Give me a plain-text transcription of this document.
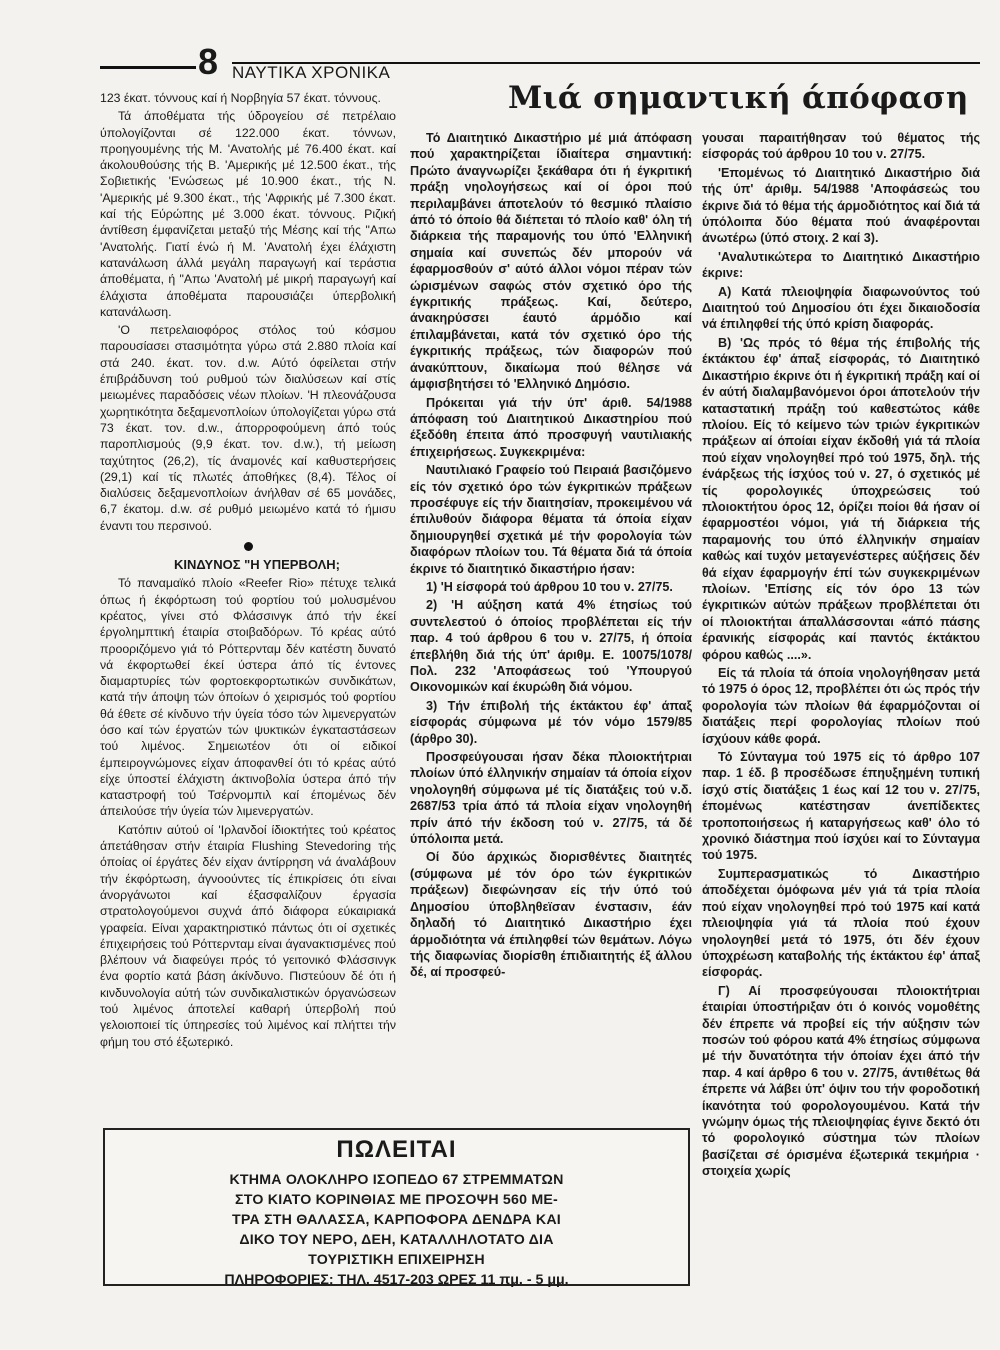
8 ΝΑΥΤΙΚΑ ΧΡΟΝΙΚΑ

123 έκατ. τόννους καί ή Νορβηγία 57 έκατ. τόννους.

Τά άποθέματα τής ύδρογείου σέ πετρέλαιο ύπολογίζονται σέ 122.000 έκατ. τόννων, προηγουμένης τής Μ. 'Ανατολής μέ 76.400 έκατ. καί άκολουθούσης τής Β. 'Αμερικής μέ 12.500 έκατ., τής Σοβιετικής 'Ενώσεως μέ 10.900 έκατ., τής Ν. 'Αμερικής μέ 9.300 έκατ., τής 'Αφρικής μέ 7.300 έκατ. καί τής Εύρώπης μέ 3.000 έκατ. τόννους. Ριζική άντίθεση έμφανίζεται μεταξύ τής Μέσης καί τής "Απω 'Ανατολής. Γιατί ένώ ή Μ. 'Ανατολή έχει έλάχιστη κατανάλωση άλλά μεγάλη παραγωγή καί τεράστια άποθέματα, ή "Απω 'Ανατολή μέ μικρή παραγωγή καί έλάχιστα άποθέματα παρουσιάζει ύπερβολική κατανάλωση.

'Ο πετρελαιοφόρος στόλος τού κόσμου παρουσίασει στασιμότητα γύρω στά 2.880 πλοία καί στά 240. έκατ. τον. d.w. Αύτό όφείλεται στήν έπιβράδυνση τού ρυθμού τών διαλύσεων καί στίς μειωμένες παραδόσεις νέων πλοίων. 'Η πλεονάζουσα χωρητικότητα δεξαμενοπλοίων ύπολογίζεται γύρω στά 73 έκατ. τον. d.w., άπορροφούμενη άπό τούς παροπλισμούς (9,9 έκατ. τον. d.w.), τή μείωση ταχύτητος (26,2), τίς άναμονές καί καθυστερήσεις (29,1) καί τίς πλωτές άποθήκες (8,4). Τέλος οί διαλύσεις δεξαμενοπλοίων άνήλθαν σέ 65 μονάδες, 6,7 έκατομ. d.w. σέ ρυθμό μειωμένο κατά τό ήμισυ έναντι του περσινού.

ΚΙΝΔΥΝΟΣ "Η ΥΠΕΡΒΟΛΗ;

Τό παναμαϊκό πλοίο «Reefer Rio» πέτυχε τελικά όπως ή έκφόρτωση τού φορτίου τού μολυσμένου κρέατος, γίνει στό Φλάσσινγκ άπό τήν έκεί έργολημπτική έταιρία στοιβαδόρων. Τό κρέας αύτό προοριζόμενο γιά τό Ρόττερνταμ δέν κατέστη δυνατό νά έκφορτωθεί έκεί ύστερα άπό τίς έντονες διαμαρτυρίες τών φορτοεκφορτωτικών συνδικάτων, κατά τήν άποψη τών όποίων ό χειρισμός τού φορτίου θά έθετε σέ κίνδυνο τήν ύγεία τόσο τών λιμενεργατών όσο καί τών έργατών τών ψυκτικών έγκαταστάσεων τού λιμένος. Σημειωτέον ότι οί ειδικοί έμπειρογνώμονες είχαν άποφανθεί ότι τό κρέας αύτό είχε ύποστεί έλάχιστη άκτινοβολία ύστερα άπό τήν καταστροφή τού Τσέρνομπιλ καί έπομένως δέν άπειλούσε τήν ύγεία τών λιμενεργατών.

Κατόπιν αύτού οί 'Ιρλανδοί ίδιοκτήτες τού κρέατος άπετάθησαν στήν έταιρία Flushing Stevedoring τής όποίας οί έργάτες δέν είχαν άντίρρηση νά άναλάβουν τήν έκφόρτωση, άγνοούντες τίς έπικρίσεις ότι είναι άνοργάνωτοι καί έξασφαλίζουν έργασία στρατολογούμενοι συχνά άπό διάφορα εύκαιριακά γραφεία. Είναι χαρακτηριστικό πάντως ότι οί σχετικές έπιχειρήσεις τού Ρόττερνταμ είναι άγανακτισμένες πού βλέπουν νά διαφεύγει πρός τό γειτονικό Φλάσσινγκ ένα φορτίο κατά βάση άκίνδυνο. Πιστεύουν δέ ότι ή κινδυνολογία αύτή τών συνδικαλιστικών όργανώσεων τού λιμένος άποτελεί καθαρή ύπερβολή πού γελοιοποιεί τίς ύπηρεσίες τού λιμένος καί πλήττει τήν φήμη του στό έξωτερικό.

Μιά σημαντική άπόφαση

Τό Διαιτητικό Δικαστήριο μέ μιά άπόφαση πού χαρακτηρίζεται ίδιαίτερα σημαντική: Πρώτο άναγνωρίζει ξεκάθαρα ότι ή έγκριτική πράξη νηολογήσεως καί οί όροι πού περιλαμβάνει άποτελούν τό θεσμικό πλαίσιο άπό τό όποίο θά διέπεται τό πλοίο καθ' όλη τή διάρκεια τής παραμονής του ύπό 'Ελληνική σημαία καί συνεπώς δέν μπορούν νά έφαρμοσθούν σ' αύτό άλλοι νόμοι πέραν τών ώρισμένων σαφώς στόν σχετικό όρο τής έγκριτικής πράξεως. Καί, δεύτερο, άνακηρύσσει έαυτό άρμόδιο καί έπιλαμβάνεται, κατά τόν σχετικό όρο τής έγκριτικής πράξεως, τών διαφορών πού άνακύπτουν, δικαίωμα πού θέλησε νά άμφισβητήσει τό 'Ελληνικό Δημόσιο.

Πρόκειται γιά τήν ύπ' άριθ. 54/1988 άπόφαση τού Διαιτητικού Δικαστηρίου πού έξεδόθη έπειτα άπό προσφυγή ναυτιλιακής έπιχειρήσεως. Συγκεκριμένα:

Ναυτιλιακό Γραφείο τού Πειραιά βασιζόμενο είς τόν σχετικό όρο τών έγκριτικών πράξεων προσέφυγε είς τήν διαιτησίαν, προκειμένου νά έπιλυθούν διάφορα θέματα τά όποία είχαν δημιουργηθεί σχετικά μέ τήν φορολογία τών διαφόρων πλοίων του. Τά θέματα διά τά όποία έκρινε τό διαιτητικό δικαστήριο ήσαν:

1) 'Η είσφορά τού άρθρου 10 του ν. 27/75.

2) 'Η αύξηση κατά 4% έτησίως τού συντελεστού ό όποίος προβλέπεται είς τήν παρ. 4 τού άρθρου 6 του ν. 27/75, ή όποία έπεβλήθη διά τής ύπ' άριθμ. Ε. 10075/1078/Πολ. 232 'Αποφάσεως τού 'Υπουργού Οικονομικών καί έκυρώθη διά νόμου.

3) Τήν έπιβολή τής έκτάκτου έφ' άπαξ είσφοράς σύμφωνα μέ τόν νόμο 1579/85 (άρθρο 30).

Προσφεύγουσαι ήσαν δέκα πλοιοκτήτριαι πλοίων ύπό έλληνικήν σημαίαν τά όποία είχον νηολογηθή σύμφωνα μέ τίς διατάξεις τού ν.δ. 2687/53 τρία άπό τά πλοία είχαν νηολογηθή πρίν άπό τήν έκδοση τού ν. 27/75, τά δέ ύπόλοιπα μετά.

Οί δύο άρχικώς διορισθέντες διαιτητές (σύμφωνα μέ τόν όρο τών έγκριτικών πράξεων) διεφώνησαν είς τήν ύπό τού Δημοσίου ύποβληθεϊσαν ένστασιν, έάν δηλαδή τό Διαιτητικό Δικαστήριο έχει άρμοδιότητα νά έπιληφθεί τών θεμάτων. Λόγω τής διαφωνίας διορίσθη έπιδιαιτητής έξ άλλου δέ, αί προσφεύ-

γουσαι παραιτήθησαν τού θέματος τής είσφοράς τού άρθρου 10 του ν. 27/75.

'Επομένως τό Διαιτητικό Δικαστήριο διά τής ύπ' άριθμ. 54/1988 'Αποφάσεώς του έκρινε διά τό θέμα τής άρμοδιότητος καί διά τά ύπόλοιπα δύο θέματα πού άναφέρονται άνωτέρω (ύπό στοιχ. 2 καί 3).

'Αναλυτικώτερα το Διαιτητικό Δικαστήριο έκρινε:

Α) Κατά πλειοψηφία διαφωνούντος τού Διαιτητού τού Δημοσίου ότι έχει δικαιοδοσία νά έπιληφθεί τής ύπό κρίση διαφοράς.

Β) 'Ως πρός τό θέμα τής έπιβολής τής έκτάκτου έφ' άπαξ είσφοράς, τό Διαιτητικό Δικαστήριο έκρινε ότι ή έγκριτική πράξη καί οί έν αύτή διαλαμβανόμενοι όροι άποτελούν τήν καταστατική πράξη τού καθεστώτος κάθε πλοίου. Είς τό κείμενο τών τριών έγκριτικών πράξεων αί όποίαι είχαν έκδοθή γιά τά πλοία πού είχαν νηολογηθεί πρό τού 1975, δηλ. τής ένάρξεως τής ίσχύος τού ν. 27, ό σχετικός μέ τίς φορολογικές ύποχρεώσεις τού πλοιοκτήτου όρος 12, όρίζει ποίοι θά ήσαν οί έφαρμοστέοι νόμοι, γιά τή διάρκεια τής παραμονής του ύπό έλληνικήν σημαίαν καθώς καί τυχόν μεταγενέστερες αύξήσεις δέν θά είχαν έφαρμογήν έπί τών συγκεκριμένων πλοίων. 'Επίσης είς τόν όρο 13 τών έγκριτικών αύτών πράξεων προβλέπεται ότι οί πλοιοκτήται άπαλλάσσονται «άπό πάσης έρανικής είσφοράς καί παντός έκτάκτου φόρου καθώς ....».

Είς τά πλοία τά όποία νηολογήθησαν μετά τό 1975 ό όρος 12, προβλέπει ότι ώς πρός τήν φορολογία τών πλοίων θά έφαρμόζονται οί διατάξεις περί φορολογίας πλοίων πού ίσχύουν κάθε φορά.

Τό Σύνταγμα τού 1975 είς τό άρθρο 107 παρ. 1 έδ. β προσέδωσε έπηυξημένη τυπική ίσχύ στίς διατάξεις 1 έως καί 12 του ν. 27/75, έπομένως κατέστησαν άνεπίδεκτες τροποποιήσεως ή καταργήσεως καθ' όλο τό χρονικό διάστημα πού ίσχύει καί το Σύνταγμα τού 1975.

Συμπερασματικώς τό Δικαστήριο άποδέχεται όμόφωνα μέν γιά τά τρία πλοία πού είχαν νηολογηθεί πρό τού 1975 καί κατά πλειοψηφία γιά τά πλοία πού έχουν νηολογηθεί μετά τό 1975, ότι δέν έχουν ύποχρέωση καταβολής τής έκτάκτου έφ' άπαξ είσφοράς.

Γ) Αί προσφεύγουσαι πλοιοκτήτριαι έταιρίαι ύποστήριξαν ότι ό κοινός νομοθέτης δέν έπρεπε νά προβεί είς τήν αύξησιν τών ποσών τού φόρου κατά 4% έτησίως σύμφωνα μέ τήν δυνατότητα τήν όποίαν έχει άπό τήν παρ. 4 καί άρθρο 6 του ν. 27/75, άντιθέτως θά έπρεπε νά λάβει ύπ' όψιν του τήν φοροδοτική ίκανότητα τού φορολογουμένου. Κατά τήν γνώμην όμως τής πλειοψηφίας έγινε δεκτό ότι τό φορολογικό σύστημα τών πλοίων βασίζεται σέ όρισμένα έξωτερικά τεκμήρια · στοιχεία χωρίς

ΠΩΛΕΙΤΑΙ
ΚΤΗΜΑ ΟΛΟΚΛΗΡΟ ΙΣΟΠΕΔΟ 67 ΣΤΡΕΜΜΑΤΩΝ
ΣΤΟ ΚΙΑΤΟ ΚΟΡΙΝΘΙΑΣ ΜΕ ΠΡΟΣΟΨΗ 560 ΜΕ-
ΤΡΑ ΣΤΗ ΘΑΛΑΣΣΑ, ΚΑΡΠΟΦΟΡΑ ΔΕΝΔΡΑ ΚΑΙ
ΔΙΚΟ ΤΟΥ ΝΕΡΟ, ΔΕΗ, ΚΑΤΑΛΛΗΛΟΤΑΤΟ ΔΙΑ
ΤΟΥΡΙΣΤΙΚΗ ΕΠΙΧΕΙΡΗΣΗ
ΠΛΗΡΟΦΟΡΙΕΣ: ΤΗΛ. 4517-203 ΩΡΕΣ 11 πμ. - 5 μμ.
